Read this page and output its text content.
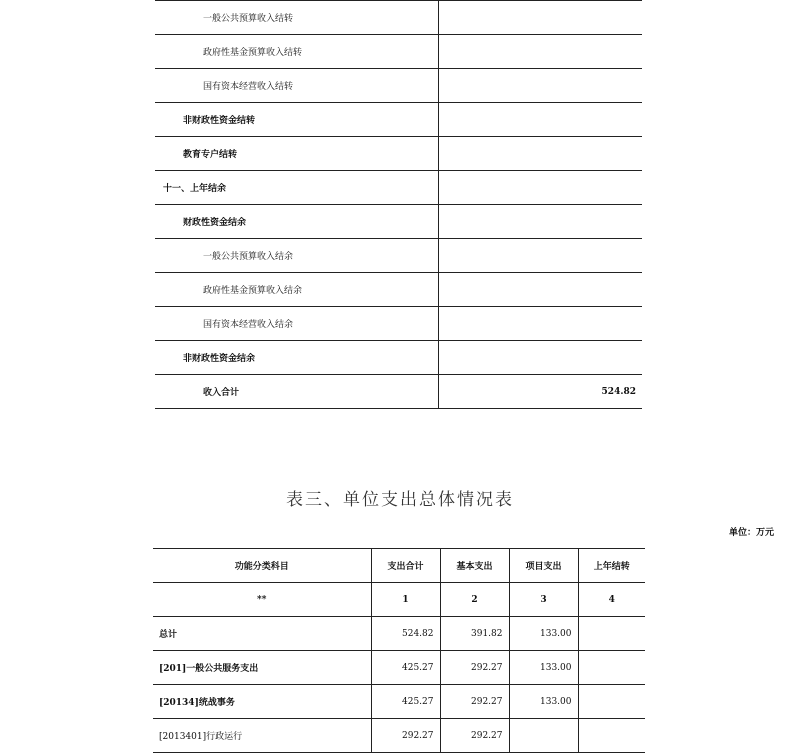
一般公共预算收入结转	
政府性基金预算收入结转	
国有资本经营收入结转	
非财政性资金结转	
教育专户结转	
十一、上年结余	
财政性资金结余	
一般公共预算收入结余	
政府性基金预算收入结余	
国有资本经营收入结余	
非财政性资金结余	
收入合计	524.82
表三、单位支出总体情况表
单位：万元
功能分类科目	支出合计	基本支出	项目支出	上年结转
**	1	2	3	4
总计	524.82	391.82	133.00	
[201]一般公共服务支出	425.27	292.27	133.00	
[20134]统战事务	425.27	292.27	133.00	
[2013401]行政运行	292.27	292.27		
